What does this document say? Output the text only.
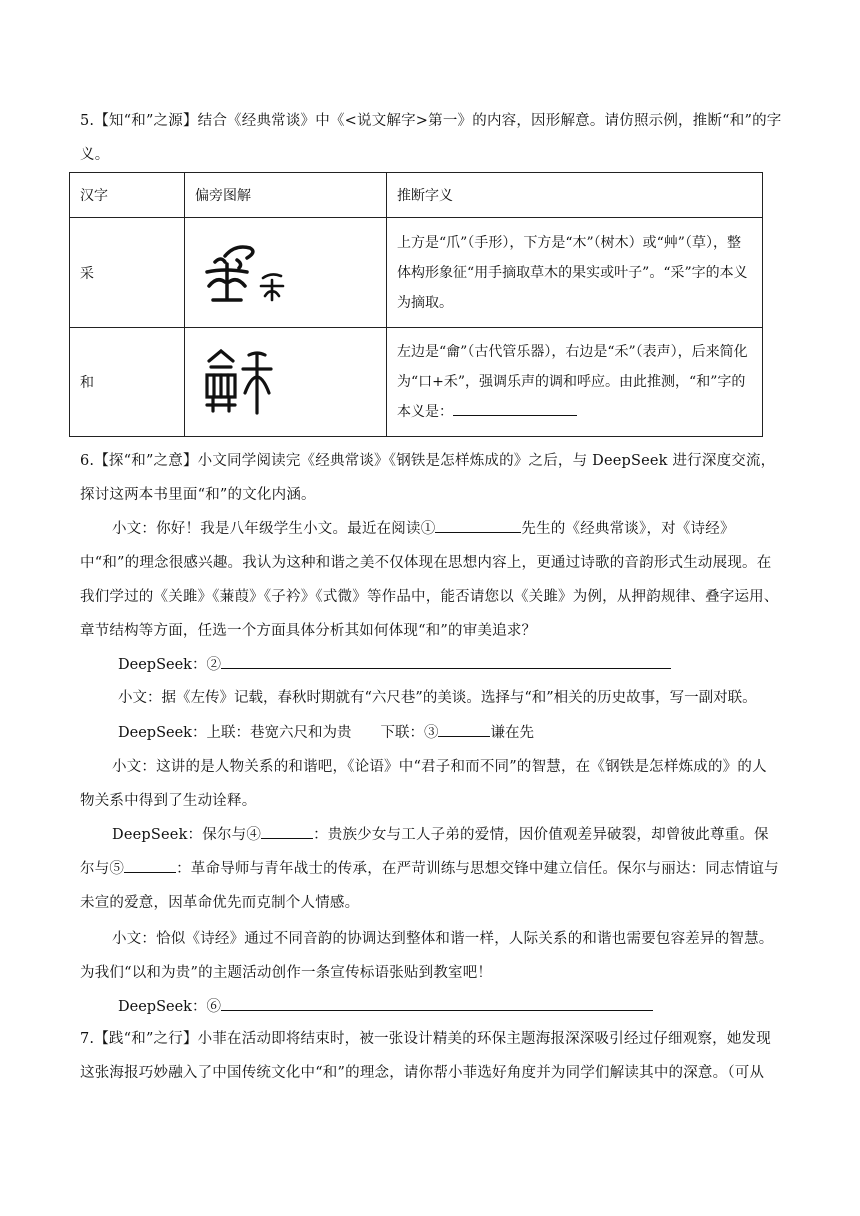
5.【知“和”之源】结合《经典常谈》中《<说文解字>第一》的内容，因形解意。请仿照示例，推断“和”的字
义。
汉字	偏旁图解	推断字义
采		上方是“爪”（手形），下方是“木”（树木）或“艸”（草），整体构形象征“用手摘取草木的果实或叶子”。“采”字的本义为摘取。
和		左边是“龠”（古代管乐器），右边是“禾”（表声），后来简化为“口+禾”，强调乐声的调和呼应。由此推测，“和”字的本义是：
6.【探“和”之意】小文同学阅读完《经典常谈》《钢铁是怎样炼成的》之后，与 DeepSeek 进行深度交流，探讨这两本书里面“和”的文化内涵。
小文：你好！我是八年级学生小文。最近在阅读①	先生的《经典常谈》，对《诗经》中“和”的理念很感兴趣。我认为这种和谐之美不仅体现在思想内容上，更通过诗歌的音韵形式生动展现。在我们学过的《关雎》《蒹葭》《子衿》《式微》等作品中，能否请您以《关雎》为例，从押韵规律、叠字运用、章节结构等方面，任选一个方面具体分析其如何体现“和”的审美追求？
DeepSeek：②
小文：据《左传》记载，春秋时期就有“六尺巷”的美谈。选择与“和”相关的历史故事，写一副对联。
DeepSeek：上联：巷宽六尺和为贵　　下联：③	谦在先
小文：这讲的是人物关系的和谐吧，《论语》中“君子和而不同”的智慧，在《钢铁是怎样炼成的》的人物关系中得到了生动诠释。
DeepSeek：保尔与④	：贵族少女与工人子弟的爱情，因价值观差异破裂，却曾彼此尊重。保尔与⑤	：革命导师与青年战士的传承，在严苛训练与思想交锋中建立信任。保尔与丽达：同志情谊与未宣的爱意，因革命优先而克制个人情感。
小文：恰似《诗经》通过不同音韵的协调达到整体和谐一样，人际关系的和谐也需要包容差异的智慧。为我们“以和为贵”的主题活动创作一条宣传标语张贴到教室吧！
DeepSeek：⑥
7.【践“和”之行】小菲在活动即将结束时，被一张设计精美的环保主题海报深深吸引经过仔细观察，她发现这张海报巧妙融入了中国传统文化中“和”的理念，请你帮小菲选好角度并为同学们解读其中的深意。（可从
